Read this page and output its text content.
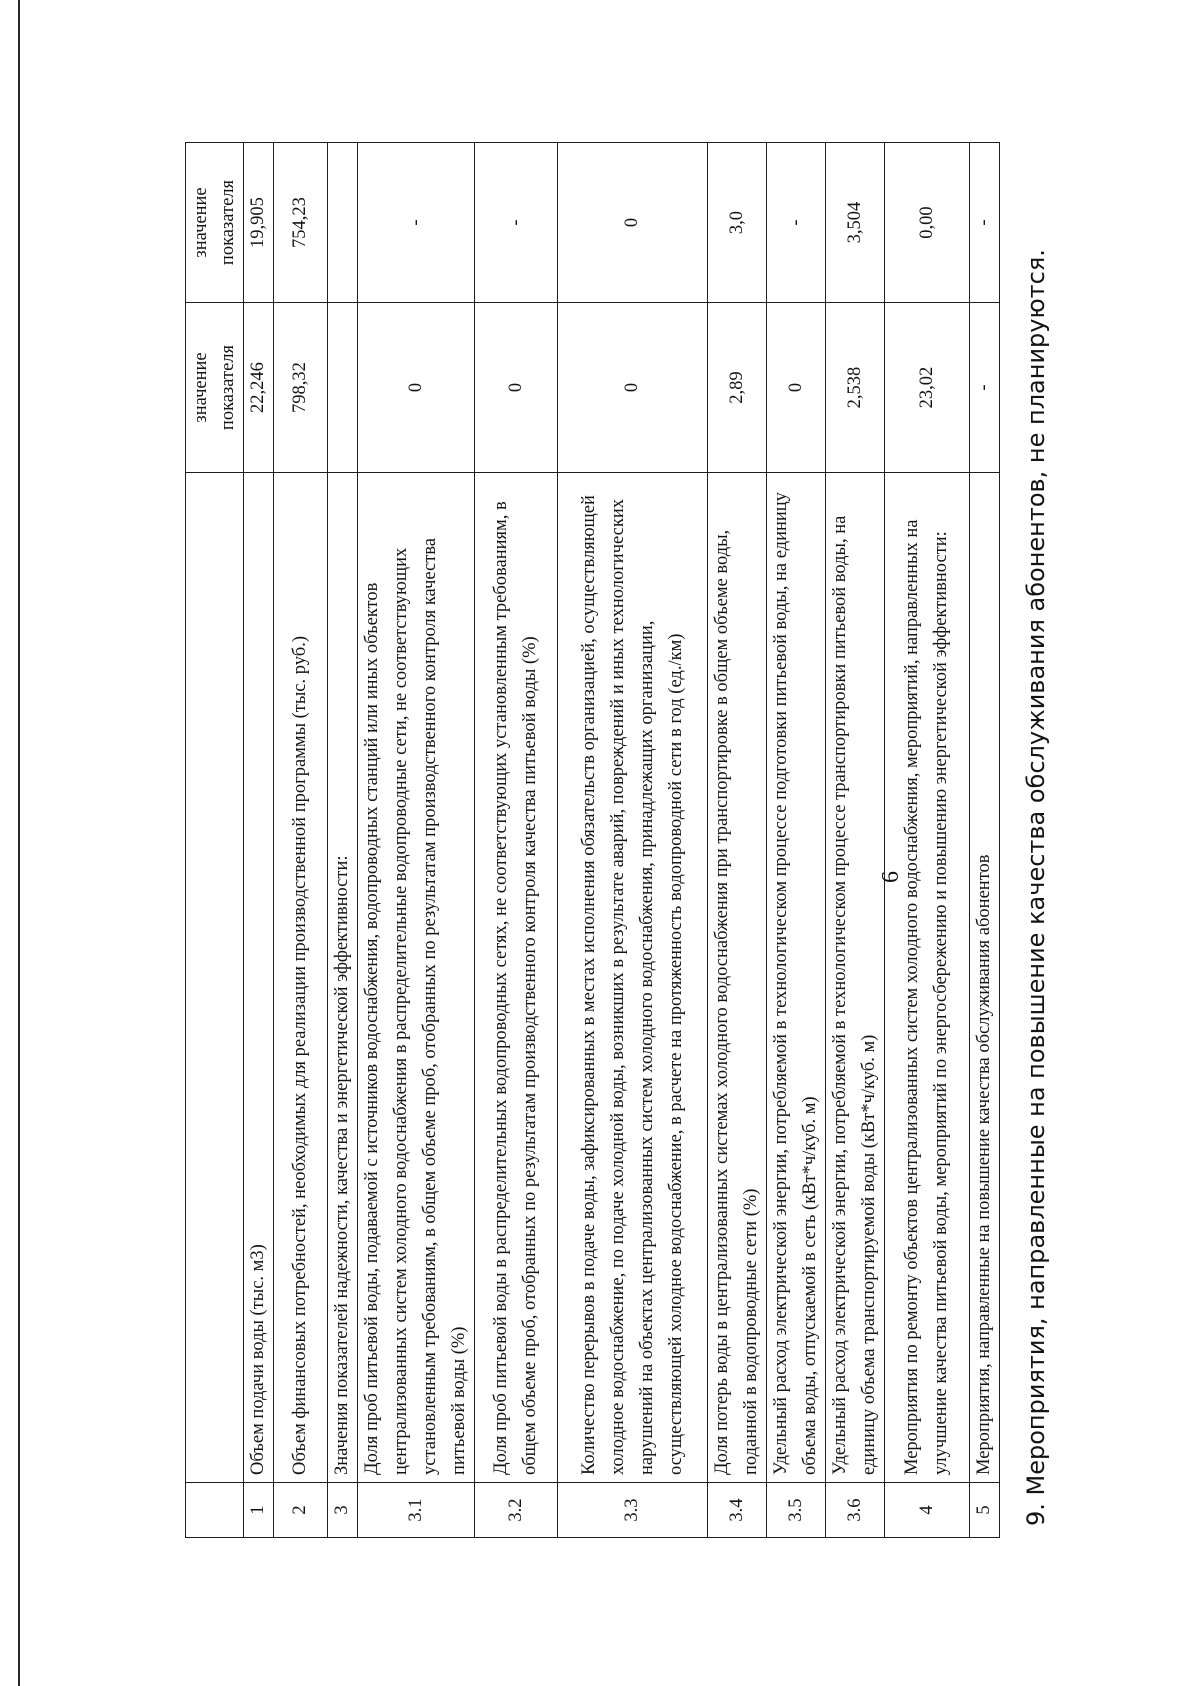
6
		значение показателя	значение показателя
1	Объем подачи воды (тыс. м3)	22,246	19,905
2	Объем финансовых потребностей, необходимых для реализации производственной программы (тыс. руб.)	798,32	754,23
3	Значения показателей надежности, качества и энергетической эффективности:		
3.1	Доля проб питьевой воды, подаваемой с источников водоснабжения, водопроводных станций или иных объектов централизованных систем холодного водоснабжения в распределительные водопроводные сети, не соответствующих установленным требованиям, в общем объеме проб, отобранных по результатам производственного контроля качества питьевой воды (%)	0	-
3.2	Доля проб питьевой воды в распределительных водопроводных сетях, не соответствующих установленным требованиям, в общем объеме проб, отобранных по результатам производственного контроля качества питьевой воды (%)	0	-
3.3	Количество перерывов в подаче воды, зафиксированных в местах исполнения обязательств организацией, осуществляющей холодное водоснабжение, по подаче холодной воды, возникших в результате аварий, повреждений и иных технологических нарушений на объектах централизованных систем холодного водоснабжения, принадлежащих организации, осуществляющей холодное водоснабжение, в расчете на протяженность водопроводной сети в год (ед./км)	0	0
3.4	Доля потерь воды в централизованных системах холодного водоснабжения при транспортировке в общем объеме воды, поданной в водопроводные сети (%)	2,89	3,0
3.5	Удельный расход электрической энергии, потребляемой в технологическом процессе подготовки питьевой воды, на единицу объема воды, отпускаемой в сеть (кВт*ч/куб. м)	0	-
3.6	Удельный расход электрической энергии, потребляемой в технологическом процессе транспортировки питьевой воды, на единицу объема транспортируемой воды (кВт*ч/куб. м)	2,538	3,504
4	Мероприятия по ремонту объектов централизованных систем холодного водоснабжения, мероприятий, направленных на улучшение качества питьевой воды, мероприятий по энергосбережению и повышению энергетической эффективности:	23,02	0,00
5	Мероприятия, направленные на повышение качества обслуживания абонентов	-	-
9. Мероприятия, направленные на повышение качества обслуживания абонентов, не планируются.
